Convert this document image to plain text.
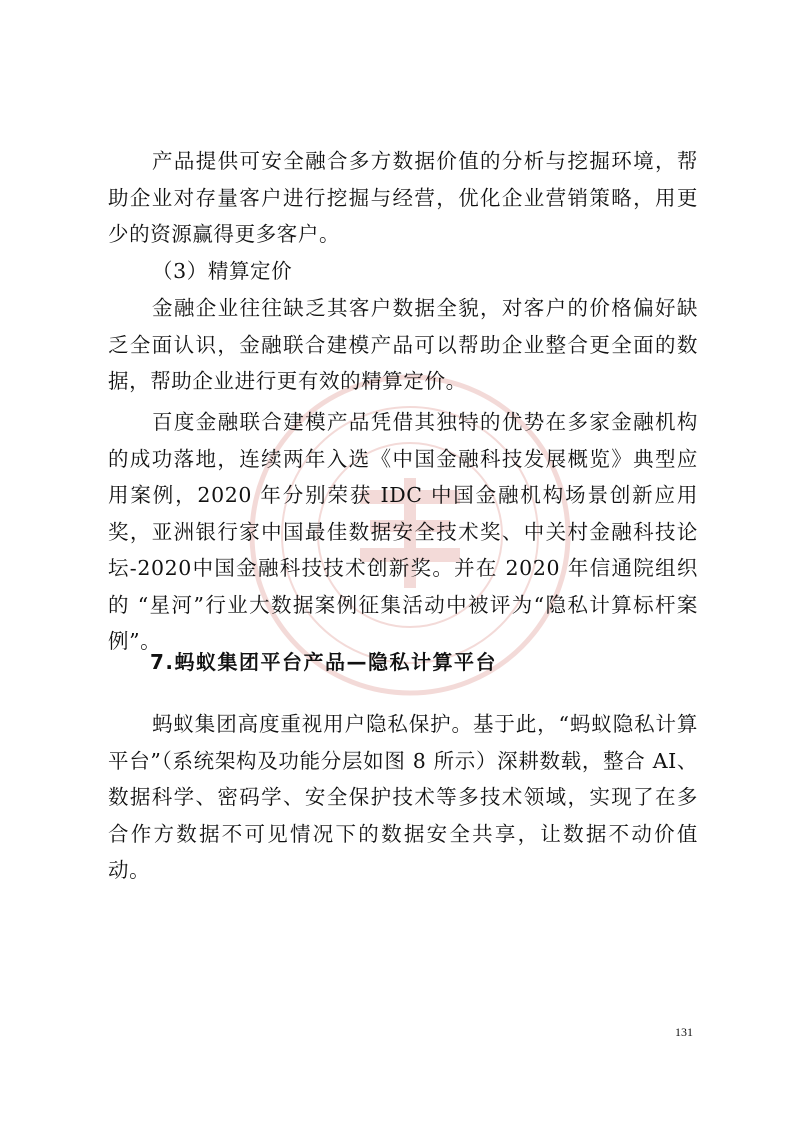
产品提供可安全融合多方数据价值的分析与挖掘环境，帮助企业对存量客户进行挖掘与经营，优化企业营销策略，用更少的资源赢得更多客户。
（3）精算定价
金融企业往往缺乏其客户数据全貌，对客户的价格偏好缺乏全面认识，金融联合建模产品可以帮助企业整合更全面的数据，帮助企业进行更有效的精算定价。
百度金融联合建模产品凭借其独特的优势在多家金融机构的成功落地，连续两年入选《中国金融科技发展概览》典型应用案例，2020 年分别荣获 IDC 中国金融机构场景创新应用奖，亚洲银行家中国最佳数据安全技术奖、中关村金融科技论坛-2020中国金融科技技术创新奖。并在 2020 年信通院组织的 “星河”行业大数据案例征集活动中被评为“隐私计算标杆案例”。
7.蚂蚁集团平台产品—隐私计算平台
蚂蚁集团高度重视用户隐私保护。基于此，“蚂蚁隐私计算平台”（系统架构及功能分层如图 8 所示）深耕数载，整合 AI、数据科学、密码学、安全保护技术等多技术领域，实现了在多合作方数据不可见情况下的数据安全共享，让数据不动价值动。
131
